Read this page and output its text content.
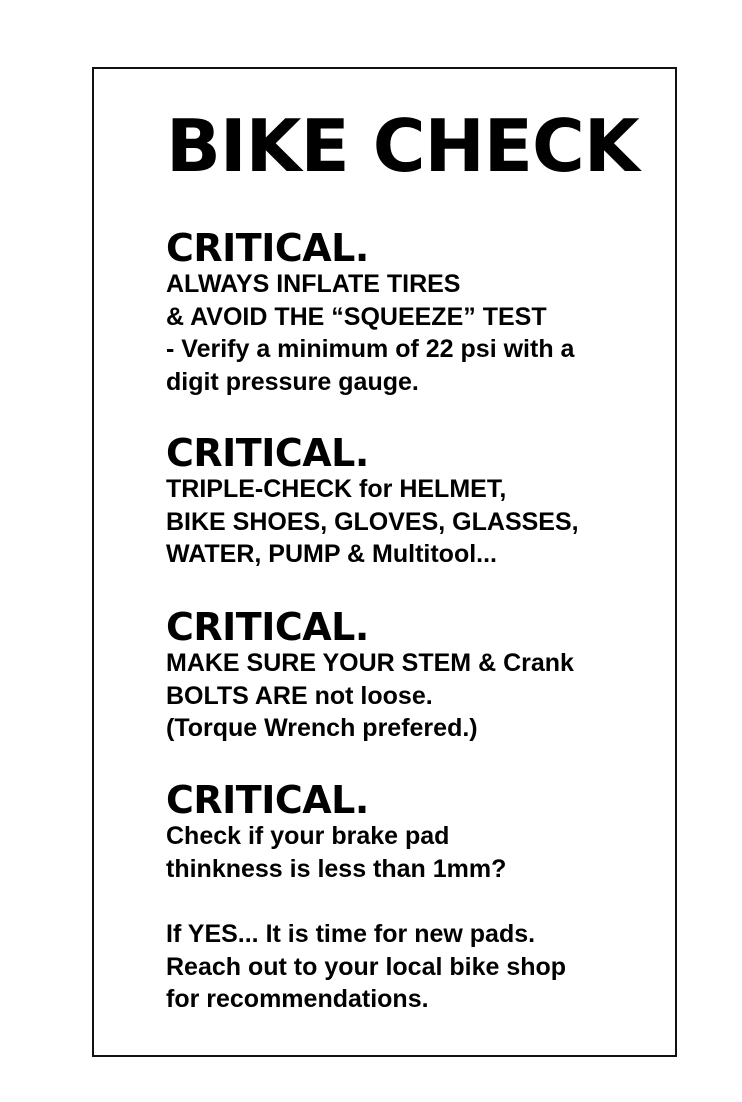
BIKE CHECK
CRITICAL.
ALWAYS INFLATE TIRES
& AVOID THE “SQUEEZE” TEST
- Verify a minimum of 22 psi with a
digit pressure gauge.
CRITICAL.
TRIPLE-CHECK for HELMET,
BIKE SHOES, GLOVES, GLASSES,
WATER, PUMP & Multitool...
CRITICAL.
MAKE SURE YOUR STEM & Crank
BOLTS ARE not loose.
(Torque Wrench prefered.)
CRITICAL.
Check if your brake pad
thinkness is less than 1mm?
If YES... It is time for new pads.
Reach out to your local bike shop
for recommendations.
